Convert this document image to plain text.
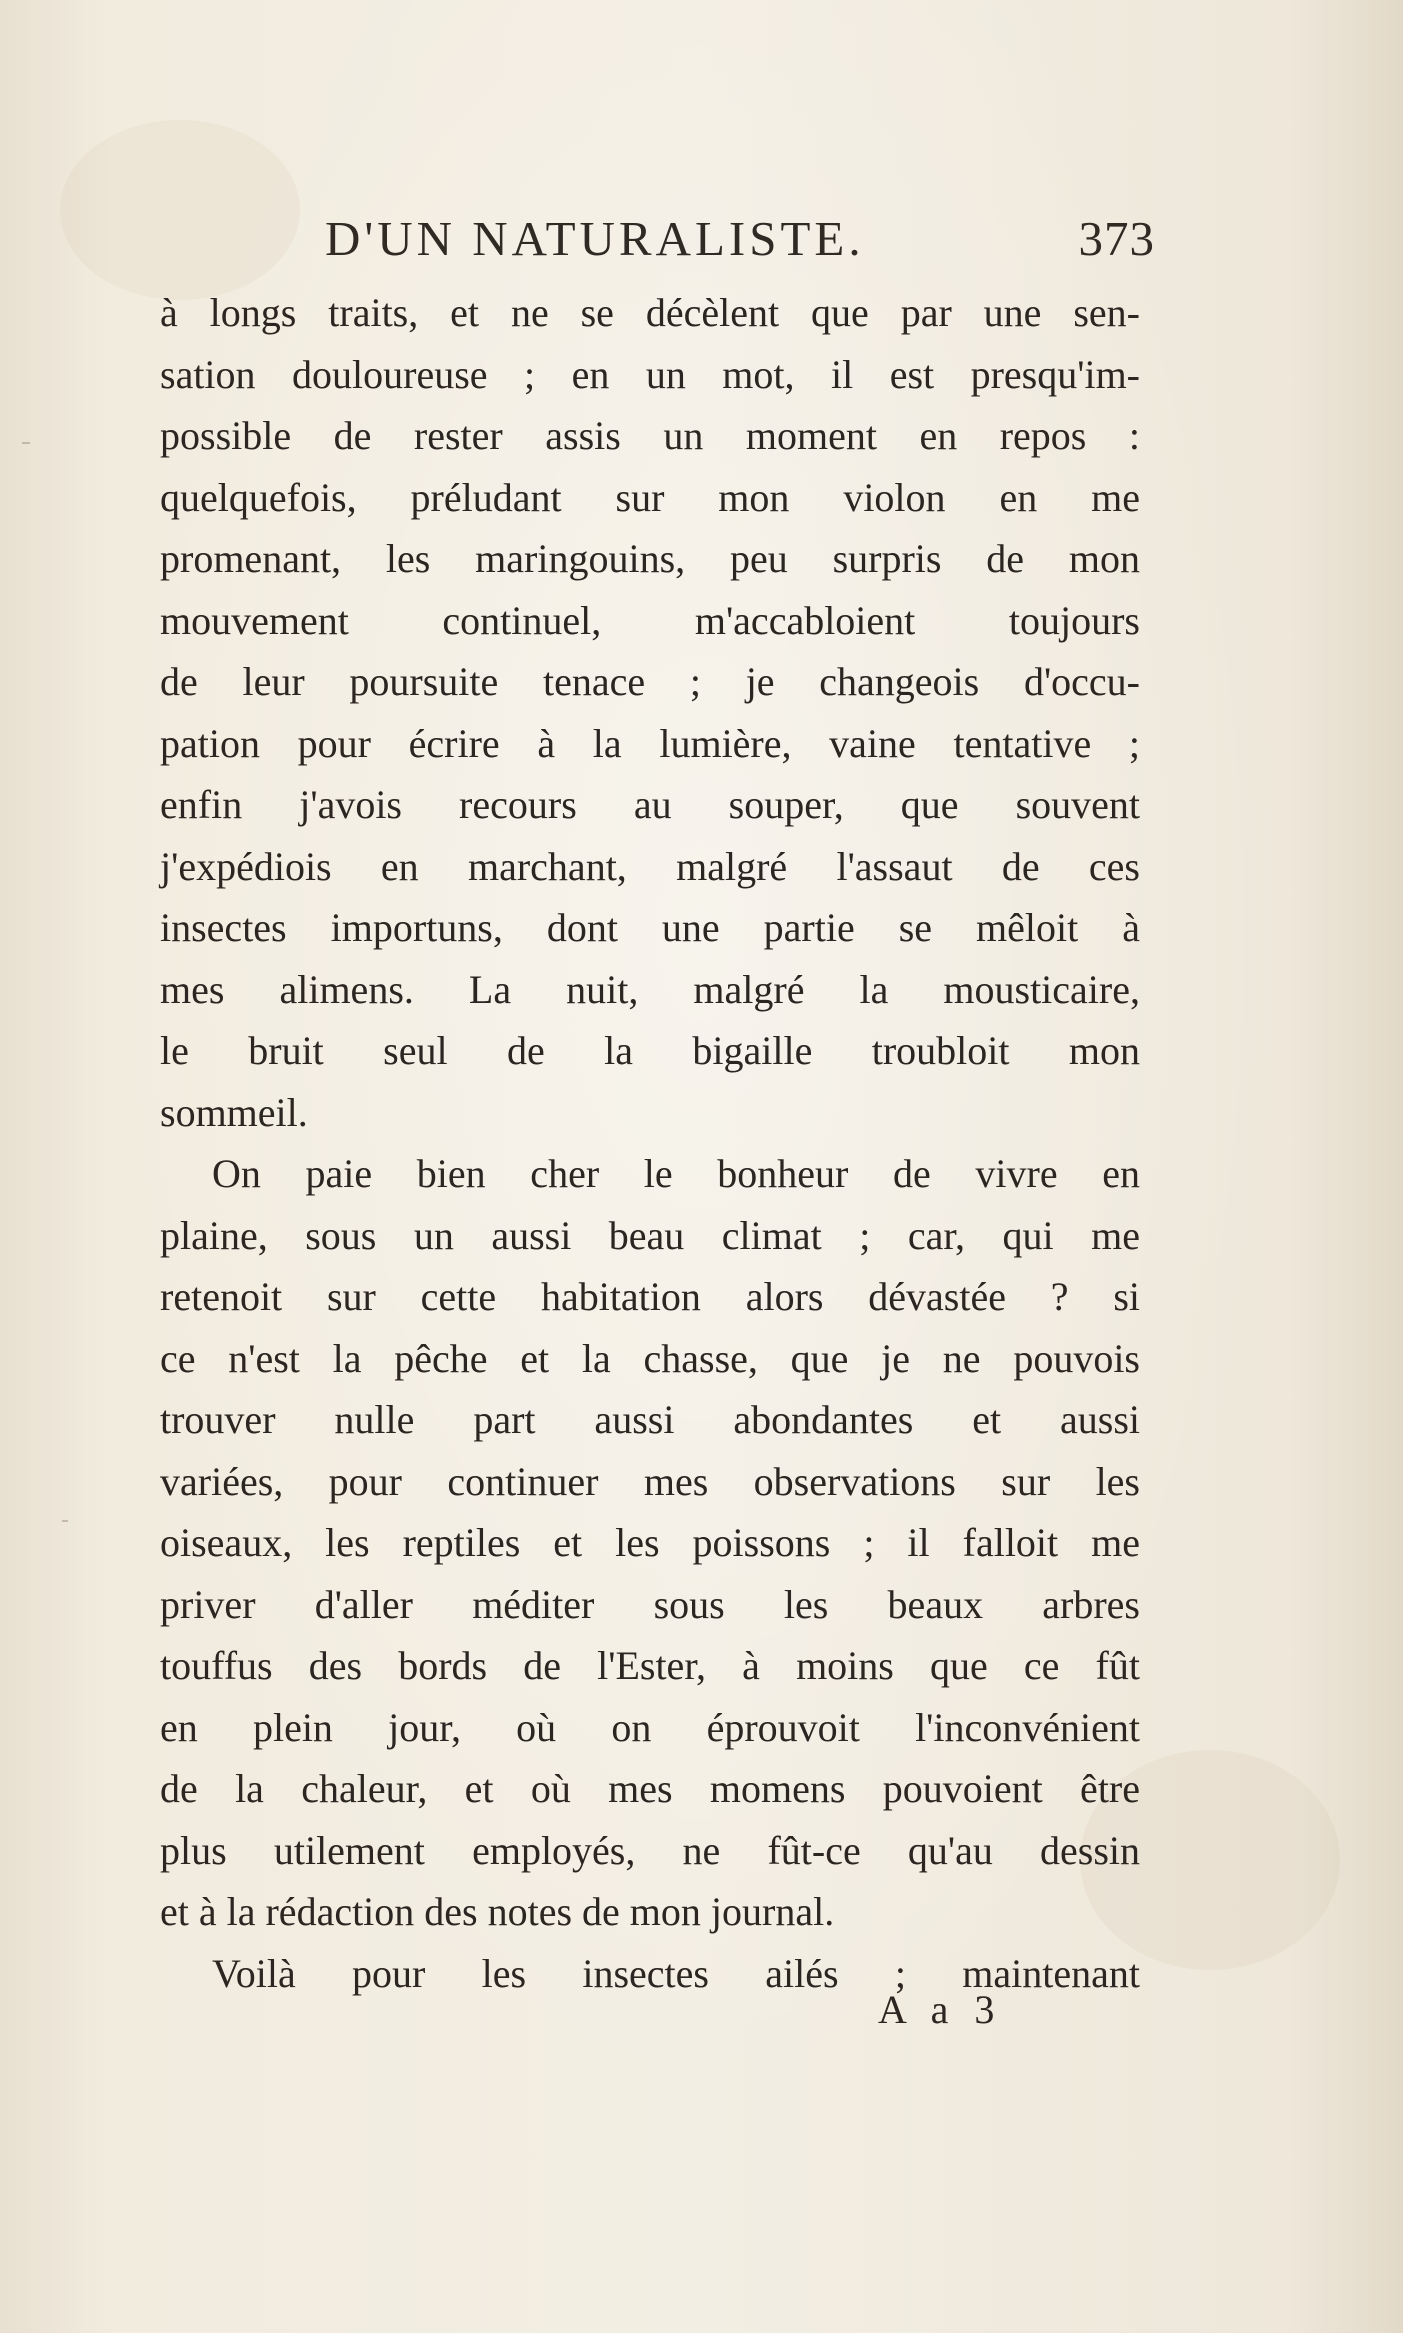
D'UN NATURALISTE.	373
à longs traits, et ne se décèlent que par une sen-
sation douloureuse ; en un mot, il est presqu'im-
possible de rester assis un moment en repos :
quelquefois, préludant sur mon violon en me
promenant, les maringouins, peu surpris de mon
mouvement continuel, m'accabloient toujours
de leur poursuite tenace ; je changeois d'occu-
pation pour écrire à la lumière, vaine tentative ;
enfin j'avois recours au souper, que souvent
j'expédiois en marchant, malgré l'assaut de ces
insectes importuns, dont une partie se mêloit à
mes alimens. La nuit, malgré la mousticaire,
le bruit seul de la bigaille troubloit mon
sommeil.
On paie bien cher le bonheur de vivre en
plaine, sous un aussi beau climat ; car, qui me
retenoit sur cette habitation alors dévastée ? si
ce n'est la pêche et la chasse, que je ne pouvois
trouver nulle part aussi abondantes et aussi
variées, pour continuer mes observations sur les
oiseaux, les reptiles et les poissons ; il falloit me
priver d'aller méditer sous les beaux arbres
touffus des bords de l'Ester, à moins que ce fût
en plein jour, où on éprouvoit l'inconvénient
de la chaleur, et où mes momens pouvoient être
plus utilement employés, ne fût-ce qu'au dessin
et à la rédaction des notes de mon journal.
Voilà pour les insectes ailés ; maintenant
A a 3
